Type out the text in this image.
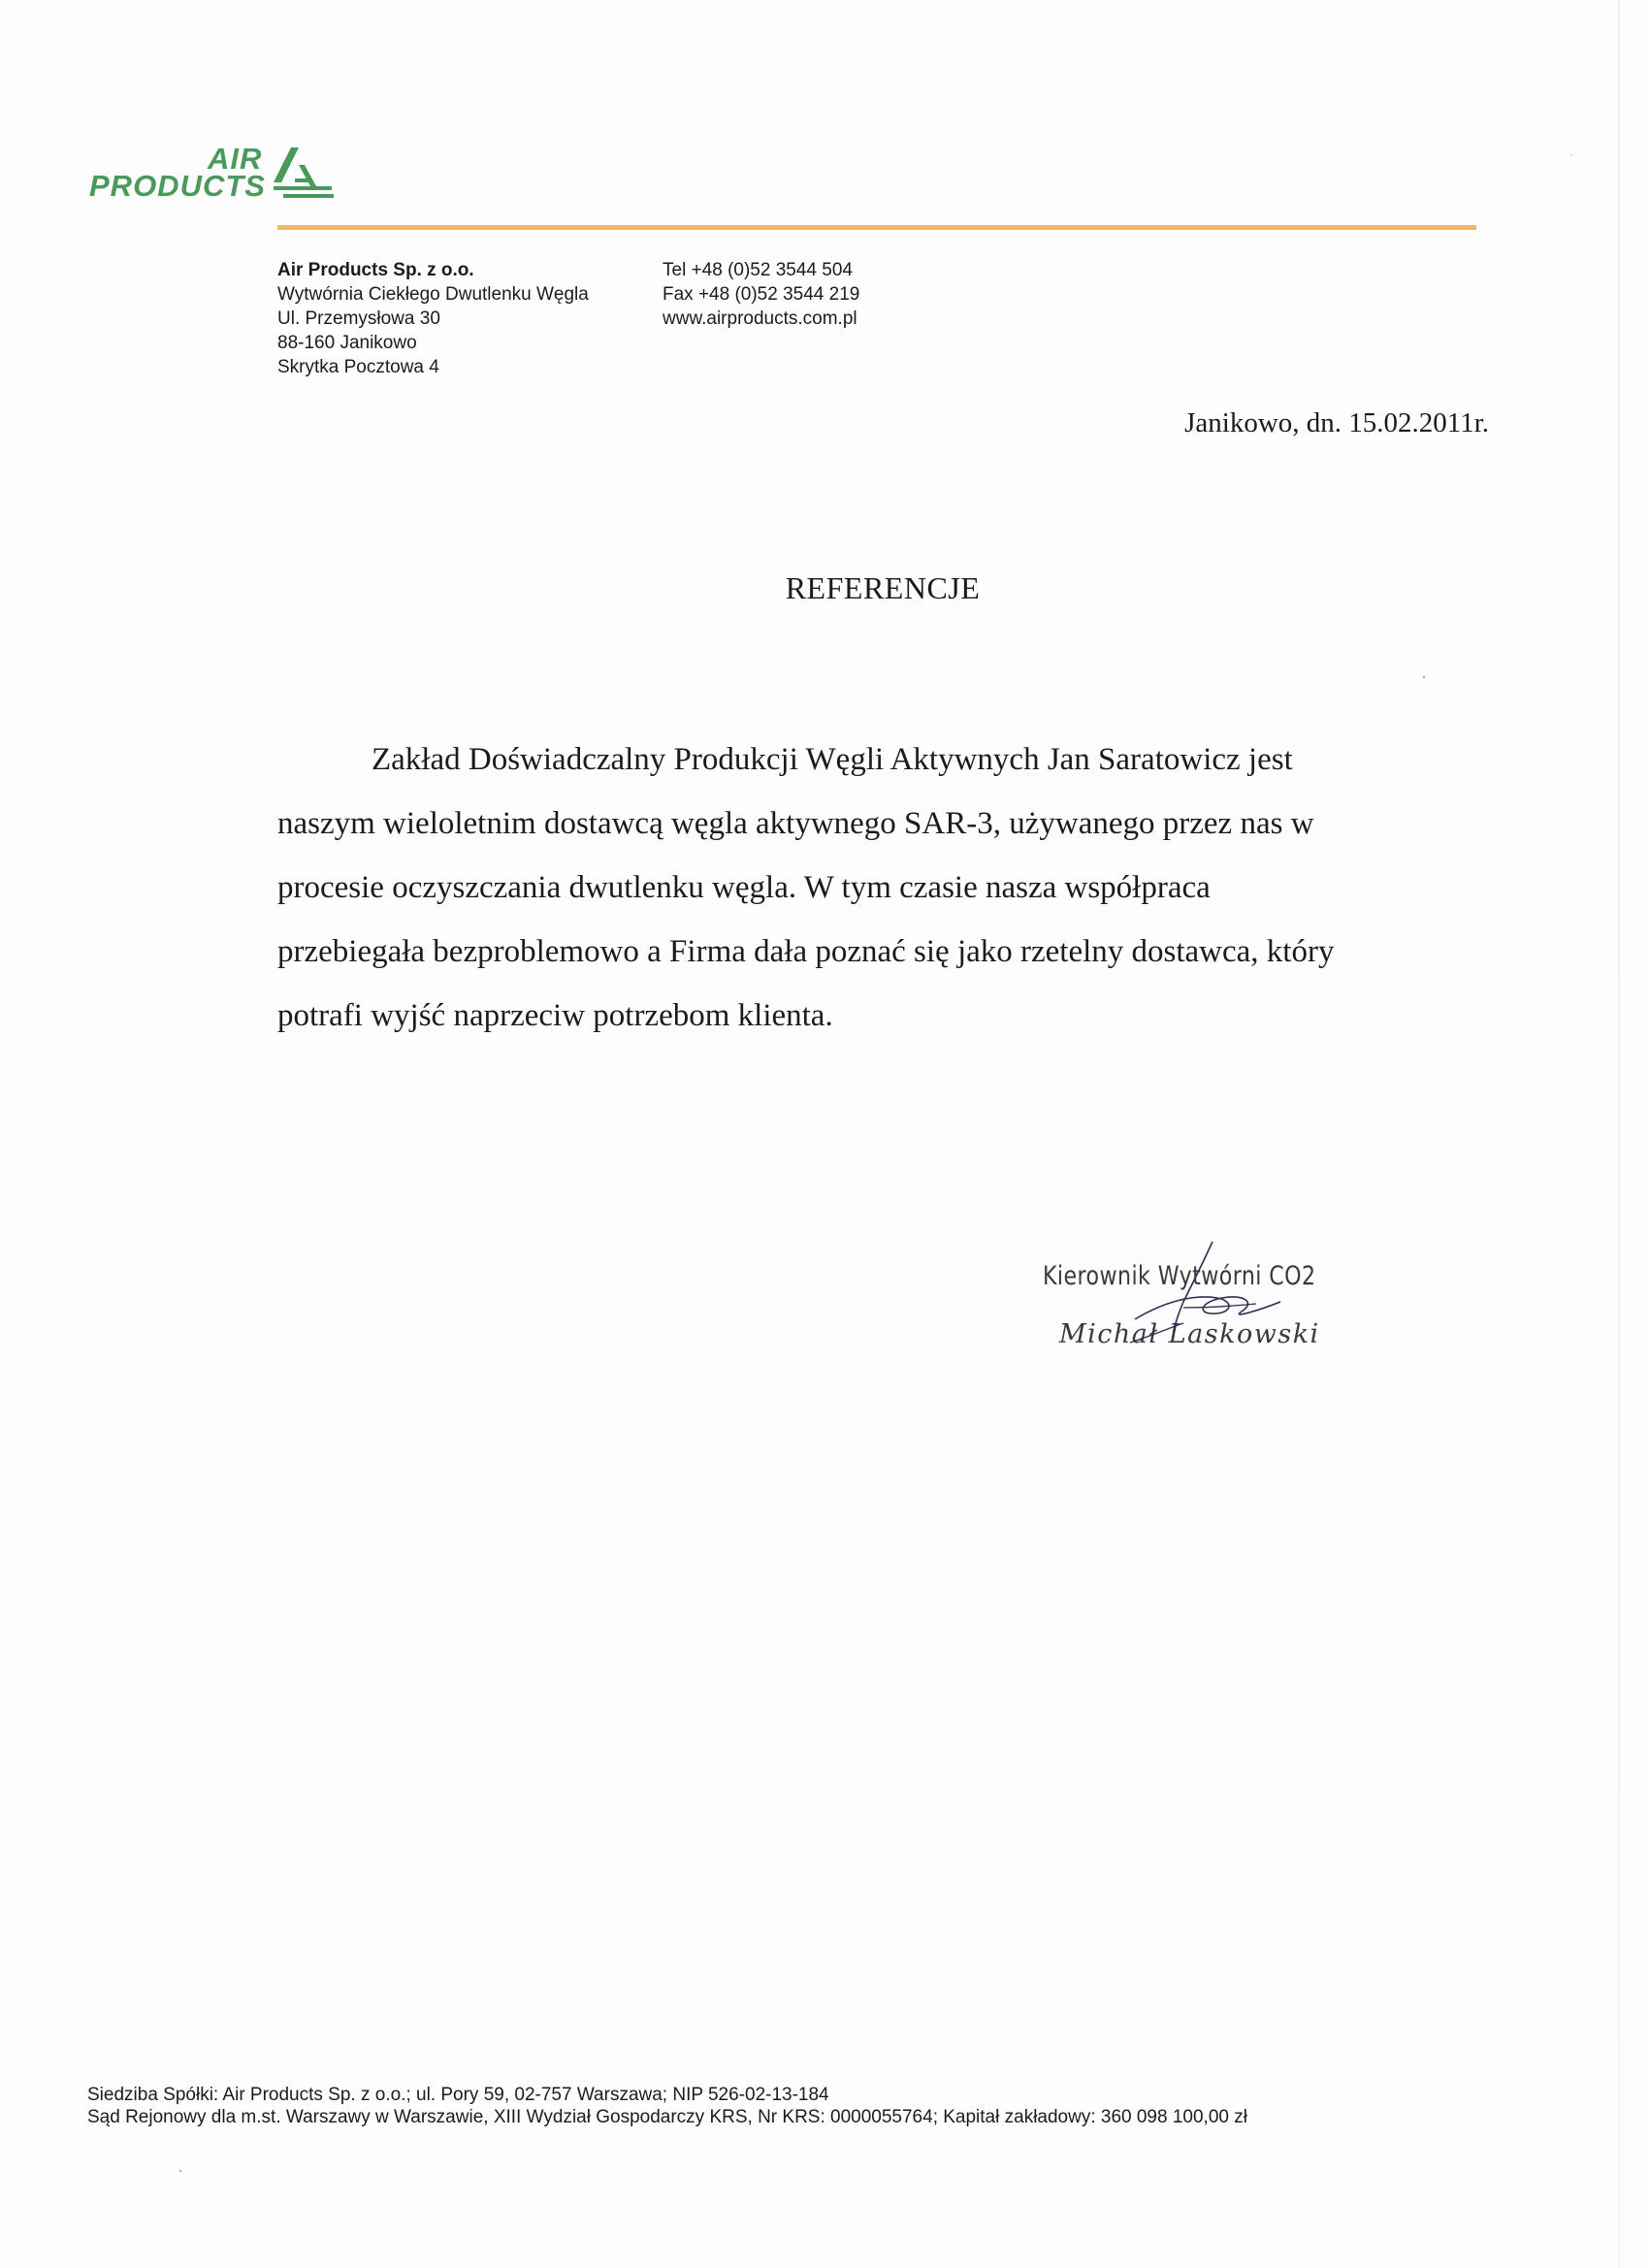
AIR
PRODUCTS
Air Products Sp. z o.o.
Wytwórnia Ciekłego Dwutlenku Węgla
Ul. Przemysłowa 30
88-160 Janikowo
Skrytka Pocztowa 4
Tel +48 (0)52 3544 504
Fax +48 (0)52 3544 219
www.airproducts.com.pl
Janikowo, dn. 15.02.2011r.
REFERENCJE
Zakład Doświadczalny Produkcji Węgli Aktywnych Jan Saratowicz jest
naszym wieloletnim dostawcą węgla aktywnego SAR-3, używanego przez nas w
procesie oczyszczania dwutlenku węgla. W tym czasie nasza współpraca
przebiegała bezproblemowo a Firma dała poznać się jako rzetelny dostawca, który
potrafi wyjść naprzeciw potrzebom klienta.
Kierownik Wytwórni CO2
Michał Laskowski
Siedziba Spółki: Air Products Sp. z o.o.; ul. Pory 59, 02-757 Warszawa; NIP 526-02-13-184
Sąd Rejonowy dla m.st. Warszawy w Warszawie, XIII Wydział Gospodarczy KRS, Nr KRS: 0000055764; Kapitał zakładowy: 360 098 100,00 zł
